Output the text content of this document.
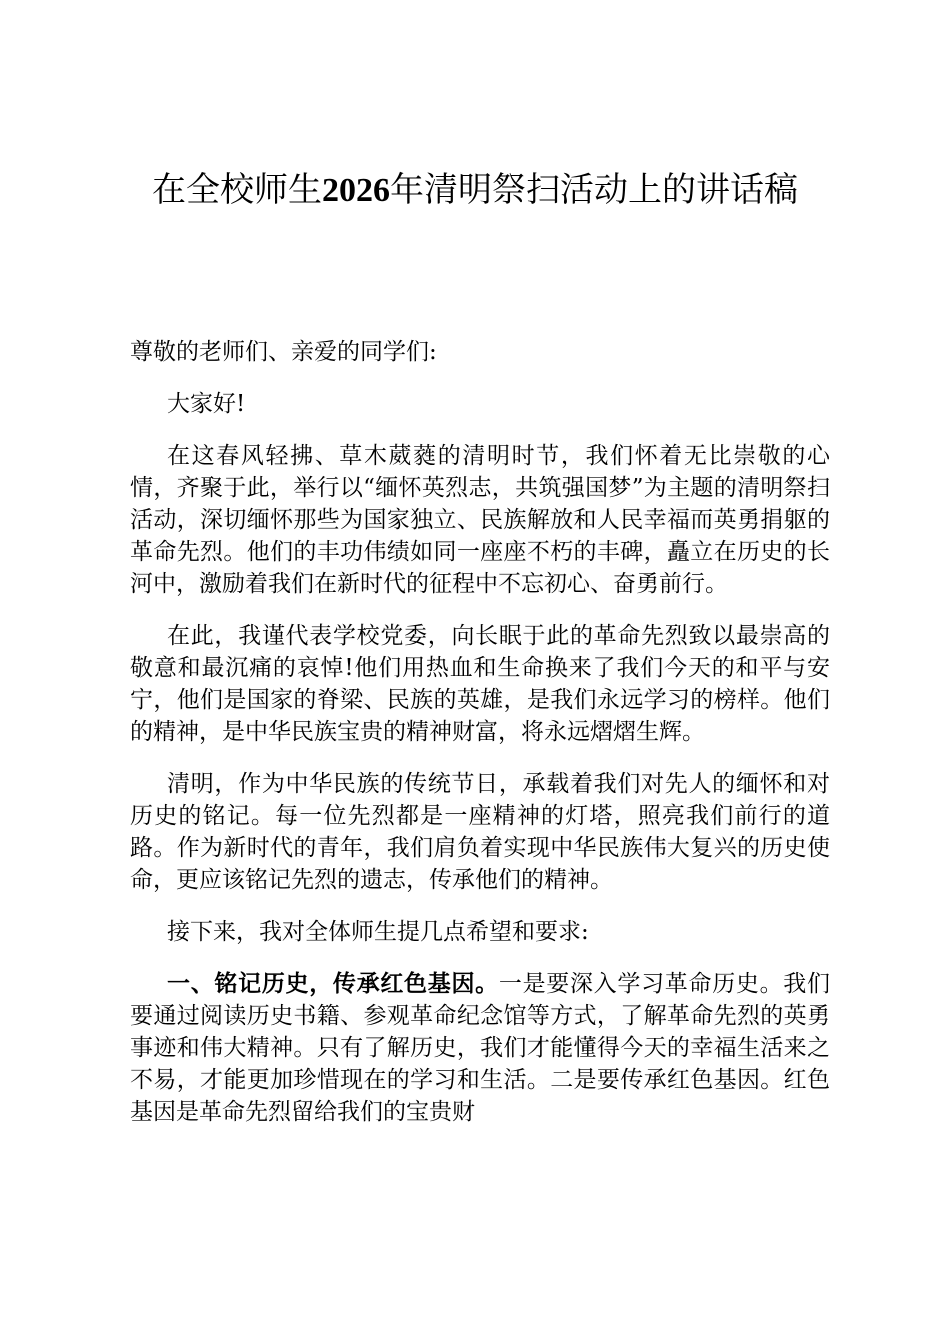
在全校师生2026年清明祭扫活动上的讲话稿

尊敬的老师们、亲爱的同学们:

大家好!

在这春风轻拂、草木葳蕤的清明时节，我们怀着无比崇敬的心情，齐聚于此，举行以“缅怀英烈志，共筑强国梦”为主题的清明祭扫活动，深切缅怀那些为国家独立、民族解放和人民幸福而英勇捐躯的革命先烈。他们的丰功伟绩如同一座座不朽的丰碑，矗立在历史的长河中，激励着我们在新时代的征程中不忘初心、奋勇前行。

在此，我谨代表学校党委，向长眠于此的革命先烈致以最崇高的敬意和最沉痛的哀悼!他们用热血和生命换来了我们今天的和平与安宁，他们是国家的脊梁、民族的英雄，是我们永远学习的榜样。他们的精神，是中华民族宝贵的精神财富，将永远熠熠生辉。

清明，作为中华民族的传统节日，承载着我们对先人的缅怀和对历史的铭记。每一位先烈都是一座精神的灯塔，照亮我们前行的道路。作为新时代的青年，我们肩负着实现中华民族伟大复兴的历史使命，更应该铭记先烈的遗志，传承他们的精神。

接下来，我对全体师生提几点希望和要求:

一、铭记历史，传承红色基因。一是要深入学习革命历史。我们要通过阅读历史书籍、参观革命纪念馆等方式，了解革命先烈的英勇事迹和伟大精神。只有了解历史，我们才能懂得今天的幸福生活来之不易，才能更加珍惜现在的学习和生活。二是要传承红色基因。红色基因是革命先烈留给我们的宝贵财
